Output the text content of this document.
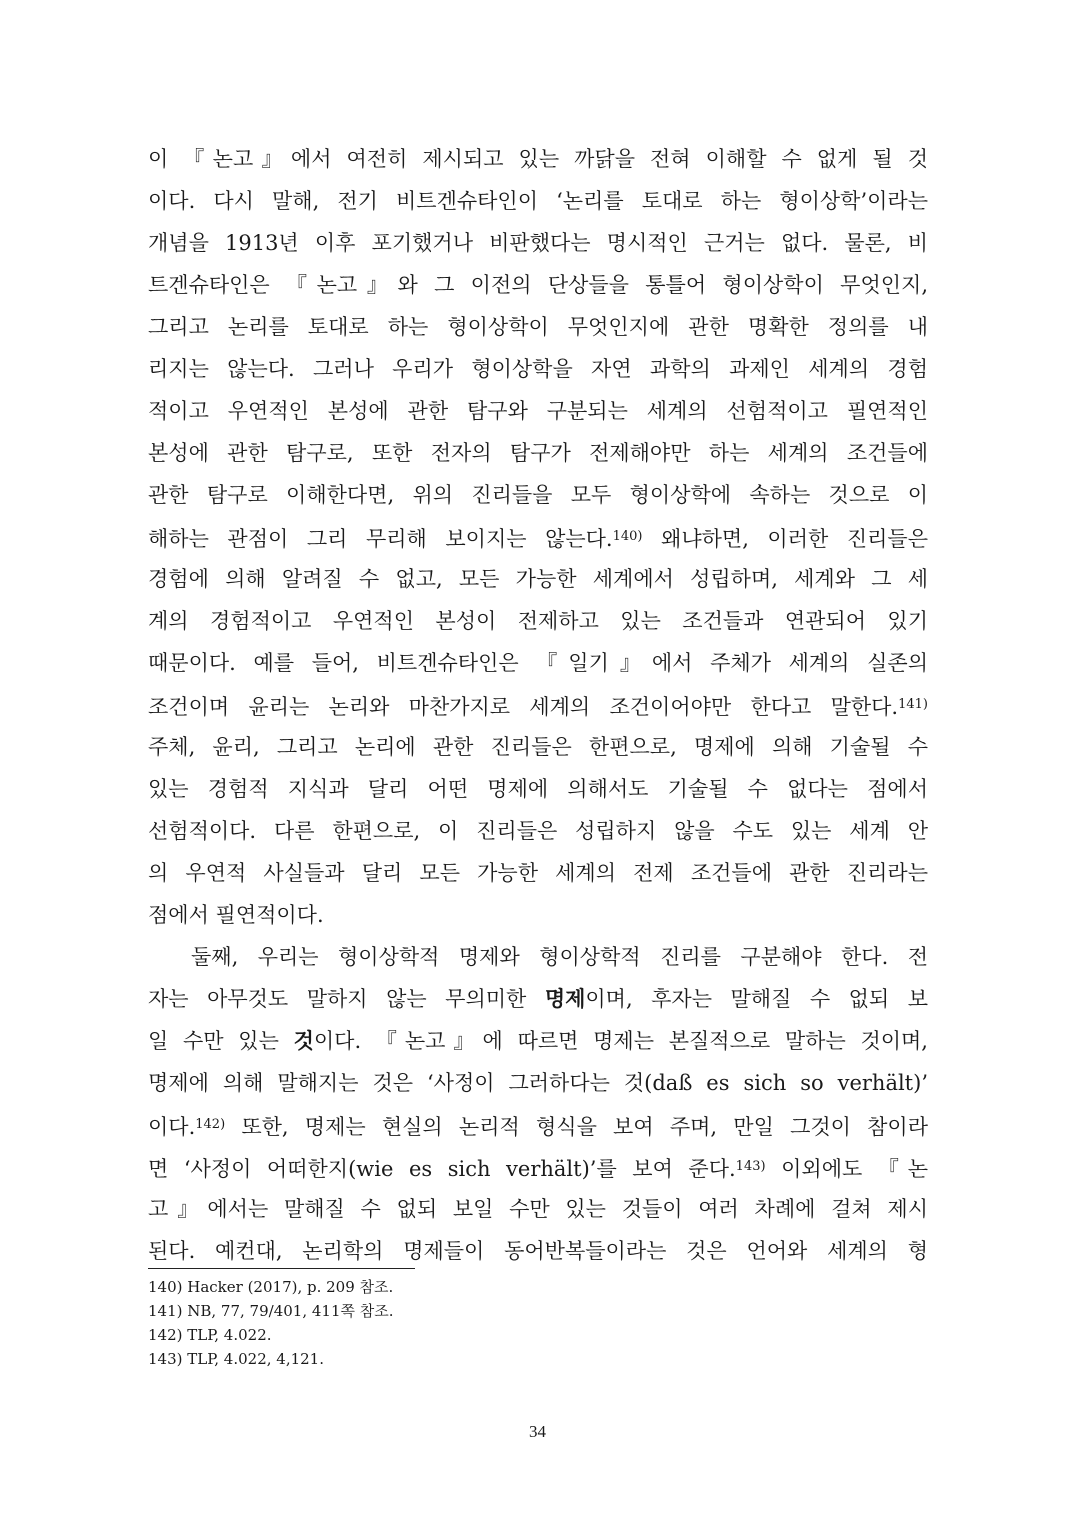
이 『논고』에서 여전히 제시되고 있는 까닭을 전혀 이해할 수 없게 될 것
이다. 다시 말해, 전기 비트겐슈타인이 ‘논리를 토대로 하는 형이상학’이라는
개념을 1913년 이후 포기했거나 비판했다는 명시적인 근거는 없다. 물론, 비
트겐슈타인은 『논고』와 그 이전의 단상들을 통틀어 형이상학이 무엇인지,
그리고 논리를 토대로 하는 형이상학이 무엇인지에 관한 명확한 정의를 내
리지는 않는다. 그러나 우리가 형이상학을 자연 과학의 과제인 세계의 경험
적이고 우연적인 본성에 관한 탐구와 구분되는 세계의 선험적이고 필연적인
본성에 관한 탐구로, 또한 전자의 탐구가 전제해야만 하는 세계의 조건들에
관한 탐구로 이해한다면, 위의 진리들을 모두 형이상학에 속하는 것으로 이
해하는 관점이 그리 무리해 보이지는 않는다.$^{140)}$ 왜냐하면, 이러한 진리들은
경험에 의해 알려질 수 없고, 모든 가능한 세계에서 성립하며, 세계와 그 세
계의 경험적이고 우연적인 본성이 전제하고 있는 조건들과 연관되어 있기
때문이다. 예를 들어, 비트겐슈타인은 『일기』에서 주체가 세계의 실존의
조건이며 윤리는 논리와 마찬가지로 세계의 조건이어야만 한다고 말한다.$^{141)}$
주체, 윤리, 그리고 논리에 관한 진리들은 한편으로, 명제에 의해 기술될 수
있는 경험적 지식과 달리 어떤 명제에 의해서도 기술될 수 없다는 점에서
선험적이다. 다른 한편으로, 이 진리들은 성립하지 않을 수도 있는 세계 안
의 우연적 사실들과 달리 모든 가능한 세계의 전제 조건들에 관한 진리라는
점에서 필연적이다.
둘째, 우리는 형이상학적 명제와 형이상학적 진리를 구분해야 한다. 전
자는 아무것도 말하지 않는 무의미한 명제이며, 후자는 말해질 수 없되 보
일 수만 있는 것이다. 『논고』에 따르면 명제는 본질적으로 말하는 것이며,
명제에 의해 말해지는 것은 ‘사정이 그러하다는 것(daß es sich so verhält)’
이다.$^{142)}$ 또한, 명제는 현실의 논리적 형식을 보여 주며, 만일 그것이 참이라
면 ‘사정이 어떠한지(wie es sich verhält)’를 보여 준다.$^{143)}$ 이외에도 『논
고』에서는 말해질 수 없되 보일 수만 있는 것들이 여러 차례에 걸쳐 제시
된다. 예컨대, 논리학의 명제들이 동어반복들이라는 것은 언어와 세계의 형
140) Hacker (2017), p. 209 참조.
141) NB, 77, 79/401, 411쪽 참조.
142) TLP, 4.022.
143) TLP, 4.022, 4,121.
34
